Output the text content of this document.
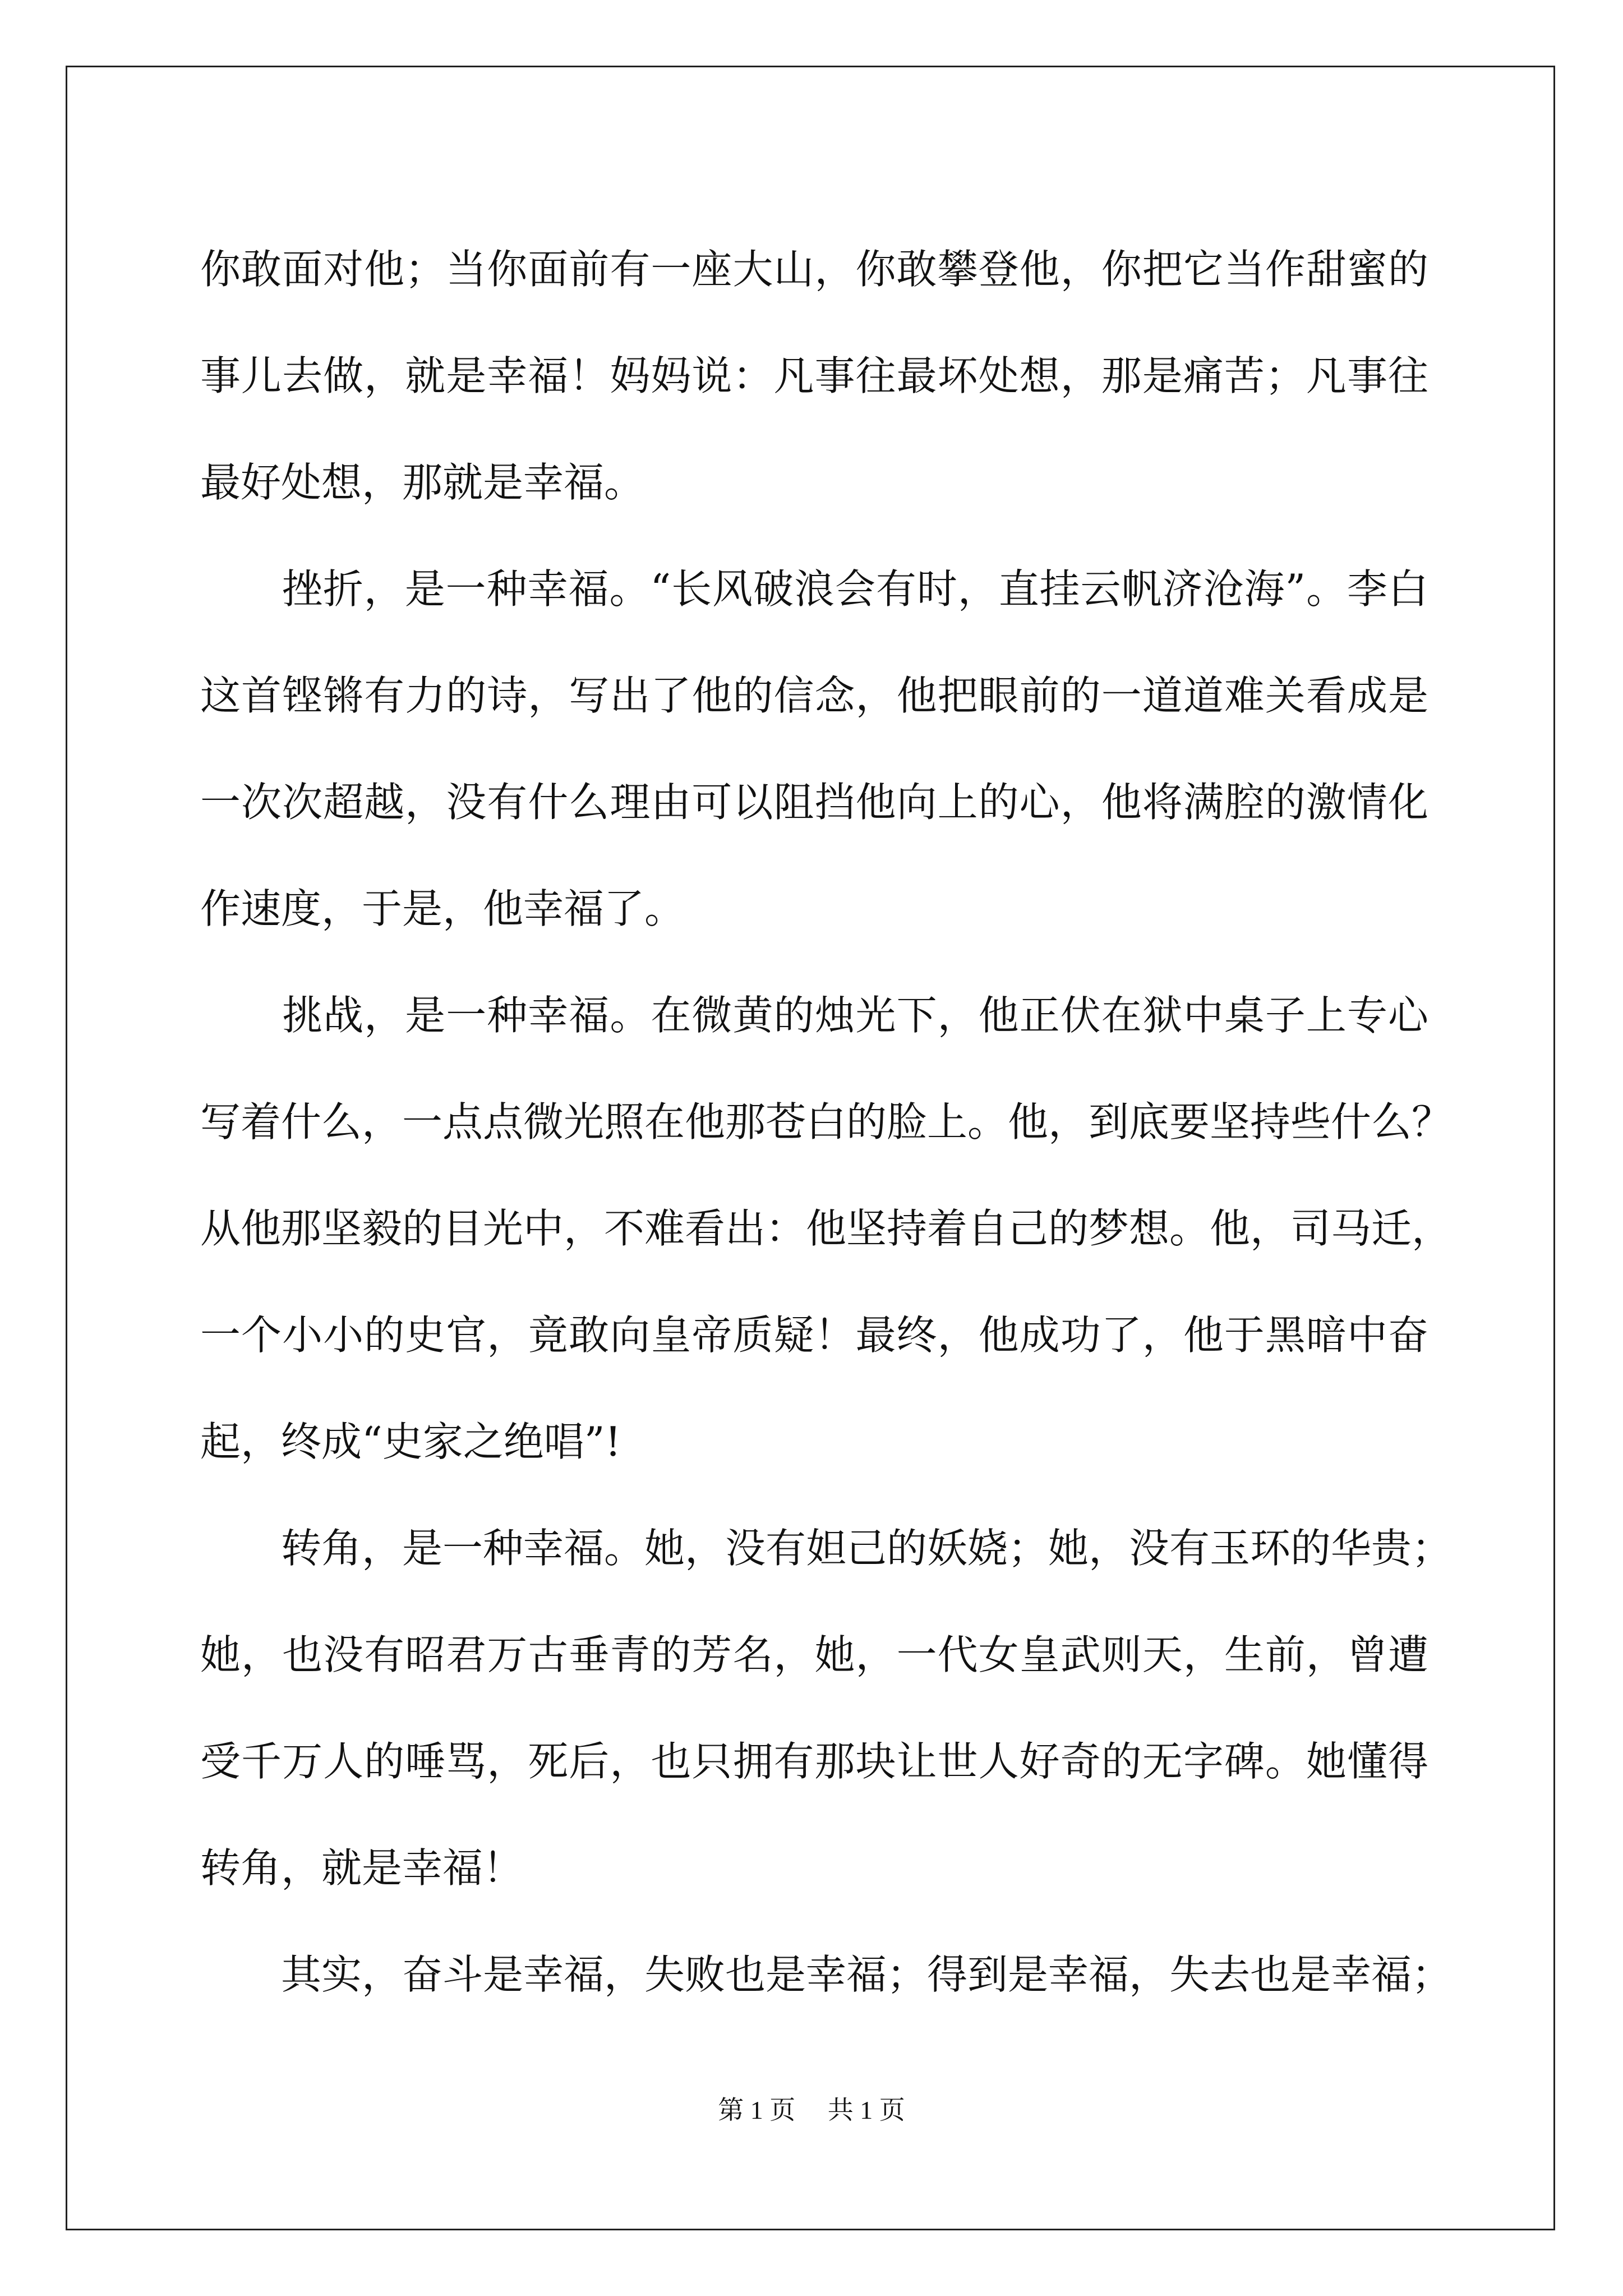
你敢面对他；当你面前有一座大山，你敢攀登他，你把它当作甜蜜的
事儿去做，就是幸福！妈妈说：凡事往最坏处想，那是痛苦；凡事往
最好处想，那就是幸福。

　　挫折，是一种幸福。“长风破浪会有时，直挂云帆济沧海”。李白
这首铿锵有力的诗，写出了他的信念，他把眼前的一道道难关看成是
一次次超越，没有什么理由可以阻挡他向上的心，他将满腔的激情化
作速度，于是，他幸福了。

　　挑战，是一种幸福。在微黄的烛光下，他正伏在狱中桌子上专心
写着什么，一点点微光照在他那苍白的脸上。他，到底要坚持些什么？
从他那坚毅的目光中，不难看出：他坚持着自己的梦想。他，司马迁，
一个小小的史官，竟敢向皇帝质疑！最终，他成功了，他于黑暗中奋
起，终成“史家之绝唱”!

　　转角，是一种幸福。她，没有妲己的妖娆；她，没有玉环的华贵；
她，也没有昭君万古垂青的芳名，她，一代女皇武则天，生前，曾遭
受千万人的唾骂，死后，也只拥有那块让世人好奇的无字碑。她懂得
转角，就是幸福！

　　其实，奋斗是幸福，失败也是幸福；得到是幸福，失去也是幸福；

第 1 页　 共 1 页
